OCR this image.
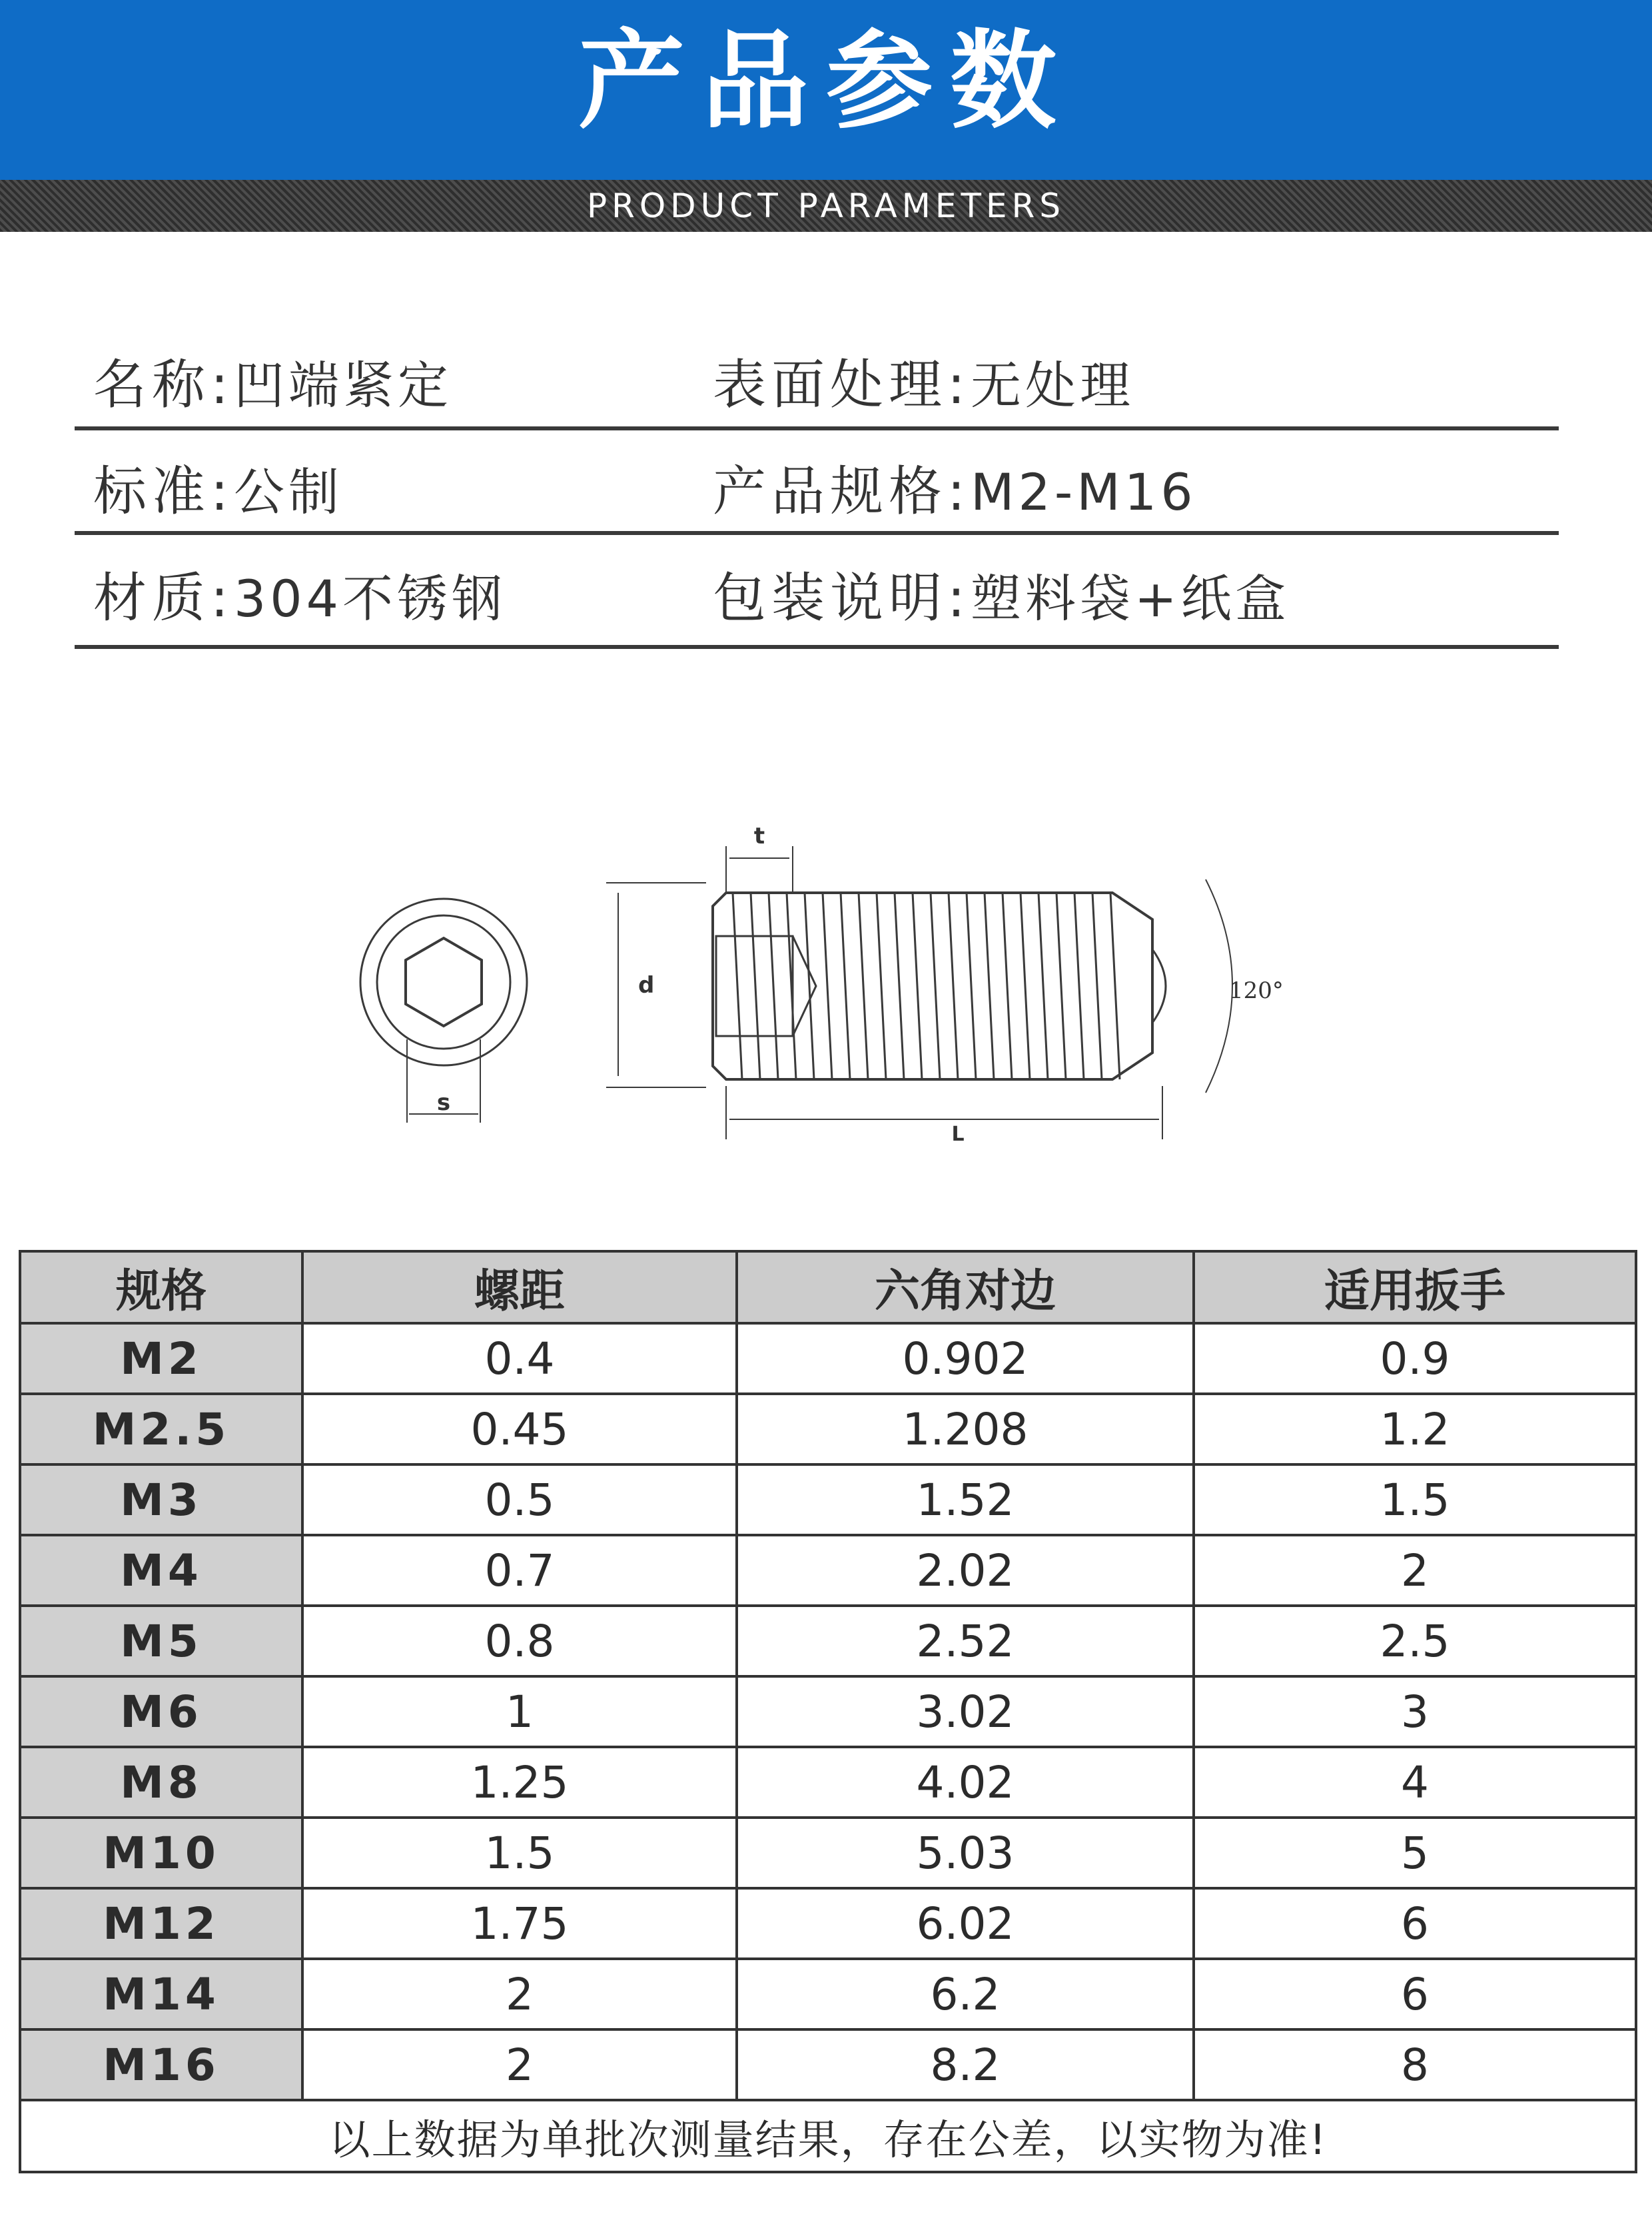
产品参数
PRODUCT PARAMETERS
名称:凹端紧定	表面处理:无处理
标准:公制	产品规格:M2-M16
材质:304不锈钢	包装说明:塑料袋+纸盒
s
d
t
L
120°
规格	螺距	六角对边	适用扳手
M2	0.4	0.902	0.9
M2.5	0.45	1.208	1.2
M3	0.5	1.52	1.5
M4	0.7	2.02	2
M5	0.8	2.52	2.5
M6	1	3.02	3
M8	1.25	4.02	4
M10	1.5	5.03	5
M12	1.75	6.02	6
M14	2	6.2	6
M16	2	8.2	8
以上数据为单批次测量结果，存在公差，以实物为准!			
